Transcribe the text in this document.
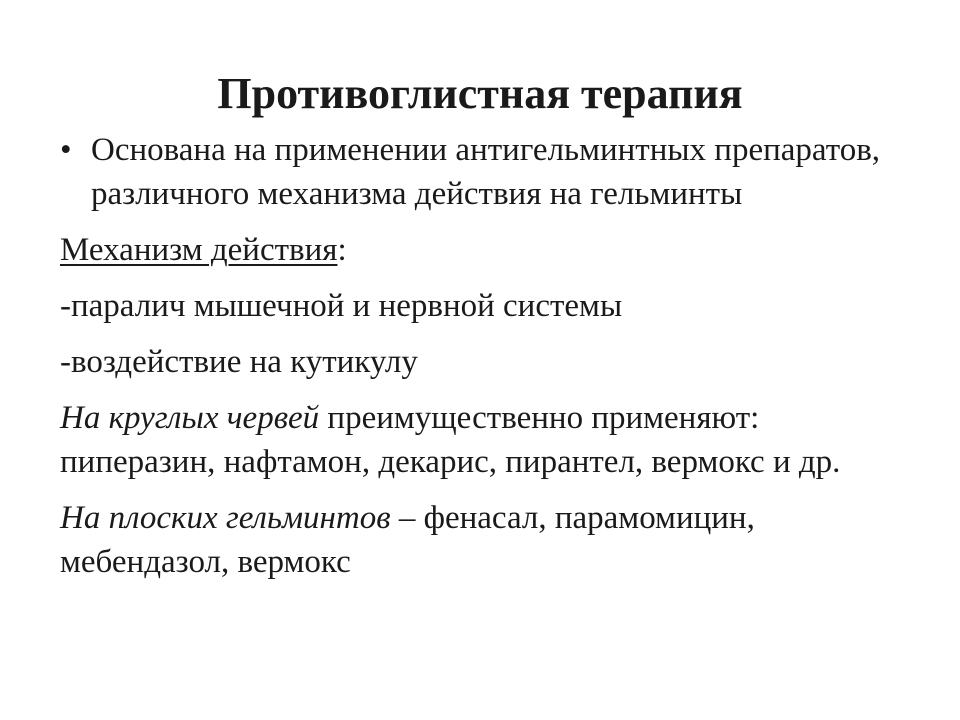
Противоглистная терапия
• Основана на применении антигельминтных препаратов, различного механизма действия на гельминты

Механизм действия:

-паралич мышечной и нервной системы

-воздействие на кутикулу

На круглых червей преимущественно применяют: пиперазин, нафтамон, декарис, пирантел, вермокс и др.

На плоских гельминтов – фенасал, парамомицин, мебендазол, вермокс
